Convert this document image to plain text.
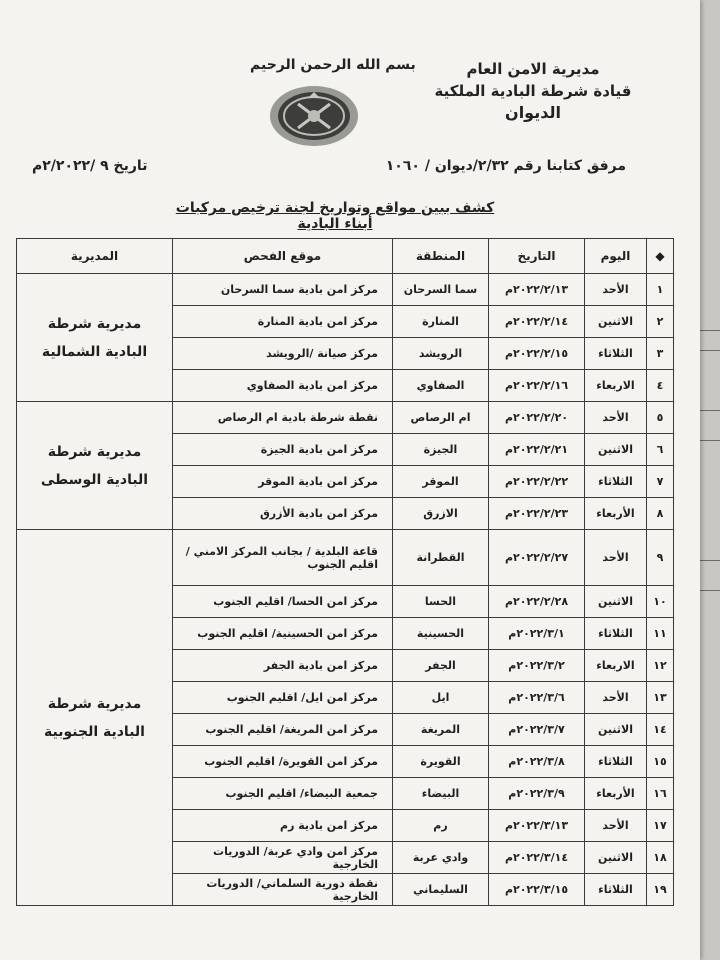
مديرية الامن العام
قيادة شرطة البادية الملكية
الديوان
بسم الله الرحمن الرحيم
مرفق كتابنا رقم ٢/٣٢/ديوان / ١٠٦٠
تاريخ ٩ /٢/٢٠٢٢م
كشف ببين مواقع وتواريخ لجنة ترخيص مركبات أبناء البادية
◆	اليوم	التاريخ	المنطقة	موقع الفحص	المديرية
١	الأحد	٢٠٢٢/٢/١٣م	سما السرحان	مركز امن بادية سما السرحان	مديرية شرطة البادية الشمالية
٢	الاثنين	٢٠٢٢/٢/١٤م	المنارة	مركز امن بادية المنارة	
٣	الثلاثاء	٢٠٢٢/٢/١٥م	الرويشد	مركز صيانة /الرويشد	
٤	الاربعاء	٢٠٢٢/٢/١٦م	الصفاوي	مركز امن بادية الصفاوي	
٥	الأحد	٢٠٢٢/٢/٢٠م	ام الرصاص	نقطة شرطة بادية ام الرصاص	مديرية شرطة البادية الوسطى
٦	الاثنين	٢٠٢٢/٢/٢١م	الجيزة	مركز امن بادية الجيزة	
٧	الثلاثاء	٢٠٢٢/٢/٢٢م	الموقر	مركز امن بادية الموقر	
٨	الأربعاء	٢٠٢٢/٢/٢٣م	الازرق	مركز امن بادية الأزرق	
٩	الأحد	٢٠٢٢/٢/٢٧م	القطرانة	قاعة البلدية / بجانب المركز الامني / اقليم الجنوب	مديرية شرطة البادية الجنوبية
١٠	الاثنين	٢٠٢٢/٢/٢٨م	الحسا	مركز امن الحسا/ اقليم الجنوب	
١١	الثلاثاء	٢٠٢٢/٣/١م	الحسينية	مركز امن الحسينية/ اقليم الجنوب	
١٢	الاربعاء	٢٠٢٢/٣/٢م	الجفر	مركز امن بادية الجفر	
١٣	الأحد	٢٠٢٢/٣/٦م	ايل	مركز امن ايل/ اقليم الجنوب	
١٤	الاثنين	٢٠٢٢/٣/٧م	المريغة	مركز امن المريغة/ اقليم الجنوب	
١٥	الثلاثاء	٢٠٢٢/٣/٨م	القويرة	مركز امن القويرة/ اقليم الجنوب	
١٦	الأربعاء	٢٠٢٢/٣/٩م	البيضاء	جمعية البيضاء/ اقليم الجنوب	
١٧	الأحد	٢٠٢٢/٣/١٣م	رم	مركز امن بادية رم	
١٨	الاثنين	٢٠٢٢/٣/١٤م	وادي عربة	مركز امن وادي عربة/ الدوريات الخارجية	
١٩	الثلاثاء	٢٠٢٢/٣/١٥م	السليماني	نقطة دورية السلماني/ الدوريات الخارجية	
